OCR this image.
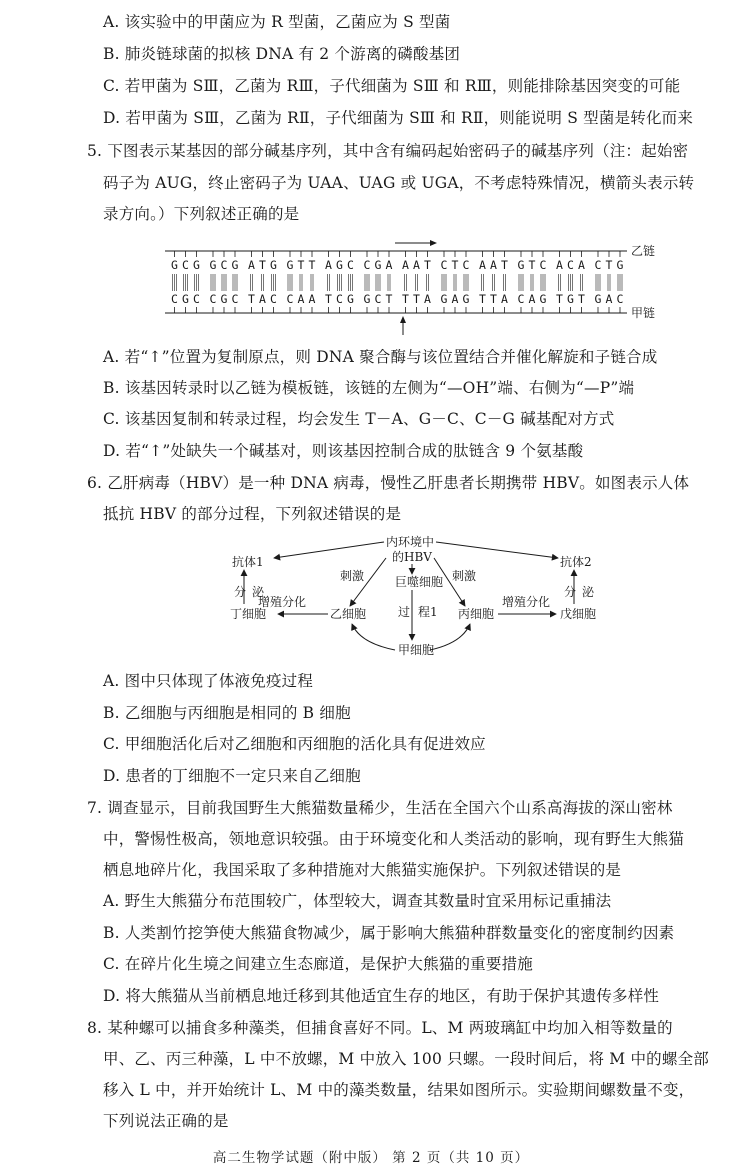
A. 该实验中的甲菌应为 R 型菌，乙菌应为 S 型菌
B. 肺炎链球菌的拟核 DNA 有 2 个游离的磷酸基团
C. 若甲菌为 SⅢ，乙菌为 RⅢ，子代细菌为 SⅢ 和 RⅢ，则能排除基因突变的可能
D. 若甲菌为 SⅢ，乙菌为 RⅡ，子代细菌为 SⅢ 和 RⅡ，则能说明 S 型菌是转化而来
5. 下图表示某基因的部分碱基序列，其中含有编码起始密码子的碱基序列（注：起始密
码子为 AUG，终止密码子为 UAA、UAG 或 UGA，不考虑特殊情况，横箭头表示转
录方向。）下列叙述正确的是
G C G G C G A T G G T T A G C C G A A A T C T C A A T G T C A C A C T G
C G C C G C T A C C A A T C G G C T T T A G A G T T A C A G T G T G A C
乙链
甲链
A. 若“↑”位置为复制原点，则 DNA 聚合酶与该位置结合并催化解旋和子链合成
B. 该基因转录时以乙链为模板链，该链的左侧为“—OH”端、右侧为“—P”端
C. 该基因复制和转录过程，均会发生 T－A、G－C、C－G 碱基配对方式
D. 若“↑”处缺失一个碱基对，则该基因控制合成的肽链含 9 个氨基酸
6. 乙肝病毒（HBV）是一种 DNA 病毒，慢性乙肝患者长期携带 HBV。如图表示人体
抵抗 HBV 的部分过程，下列叙述错误的是
内环境中
的HBV
抗体1	抗体2
刺激	刺激
巨噬细胞
过 程1
增殖分化	增殖分化
分 泌	分 泌
丁细胞	乙细胞	丙细胞	戊细胞
甲细胞
A. 图中只体现了体液免疫过程
B. 乙细胞与丙细胞是相同的 B 细胞
C. 甲细胞活化后对乙细胞和丙细胞的活化具有促进效应
D. 患者的丁细胞不一定只来自乙细胞
7. 调查显示，目前我国野生大熊猫数量稀少，生活在全国六个山系高海拔的深山密林
中，警惕性极高，领地意识较强。由于环境变化和人类活动的影响，现有野生大熊猫
栖息地碎片化，我国采取了多种措施对大熊猫实施保护。下列叙述错误的是
A. 野生大熊猫分布范围较广，体型较大，调查其数量时宜采用标记重捕法
B. 人类割竹挖笋使大熊猫食物减少，属于影响大熊猫种群数量变化的密度制约因素
C. 在碎片化生境之间建立生态廊道，是保护大熊猫的重要措施
D. 将大熊猫从当前栖息地迁移到其他适宜生存的地区，有助于保护其遗传多样性
8. 某种螺可以捕食多种藻类，但捕食喜好不同。L、M 两玻璃缸中均加入相等数量的
甲、乙、丙三种藻，L 中不放螺，M 中放入 100 只螺。一段时间后，将 M 中的螺全部
移入 L 中，并开始统计 L、M 中的藻类数量，结果如图所示。实验期间螺数量不变，
下列说法正确的是
高二生物学试题（附中版） 第 2 页（共 10 页）
